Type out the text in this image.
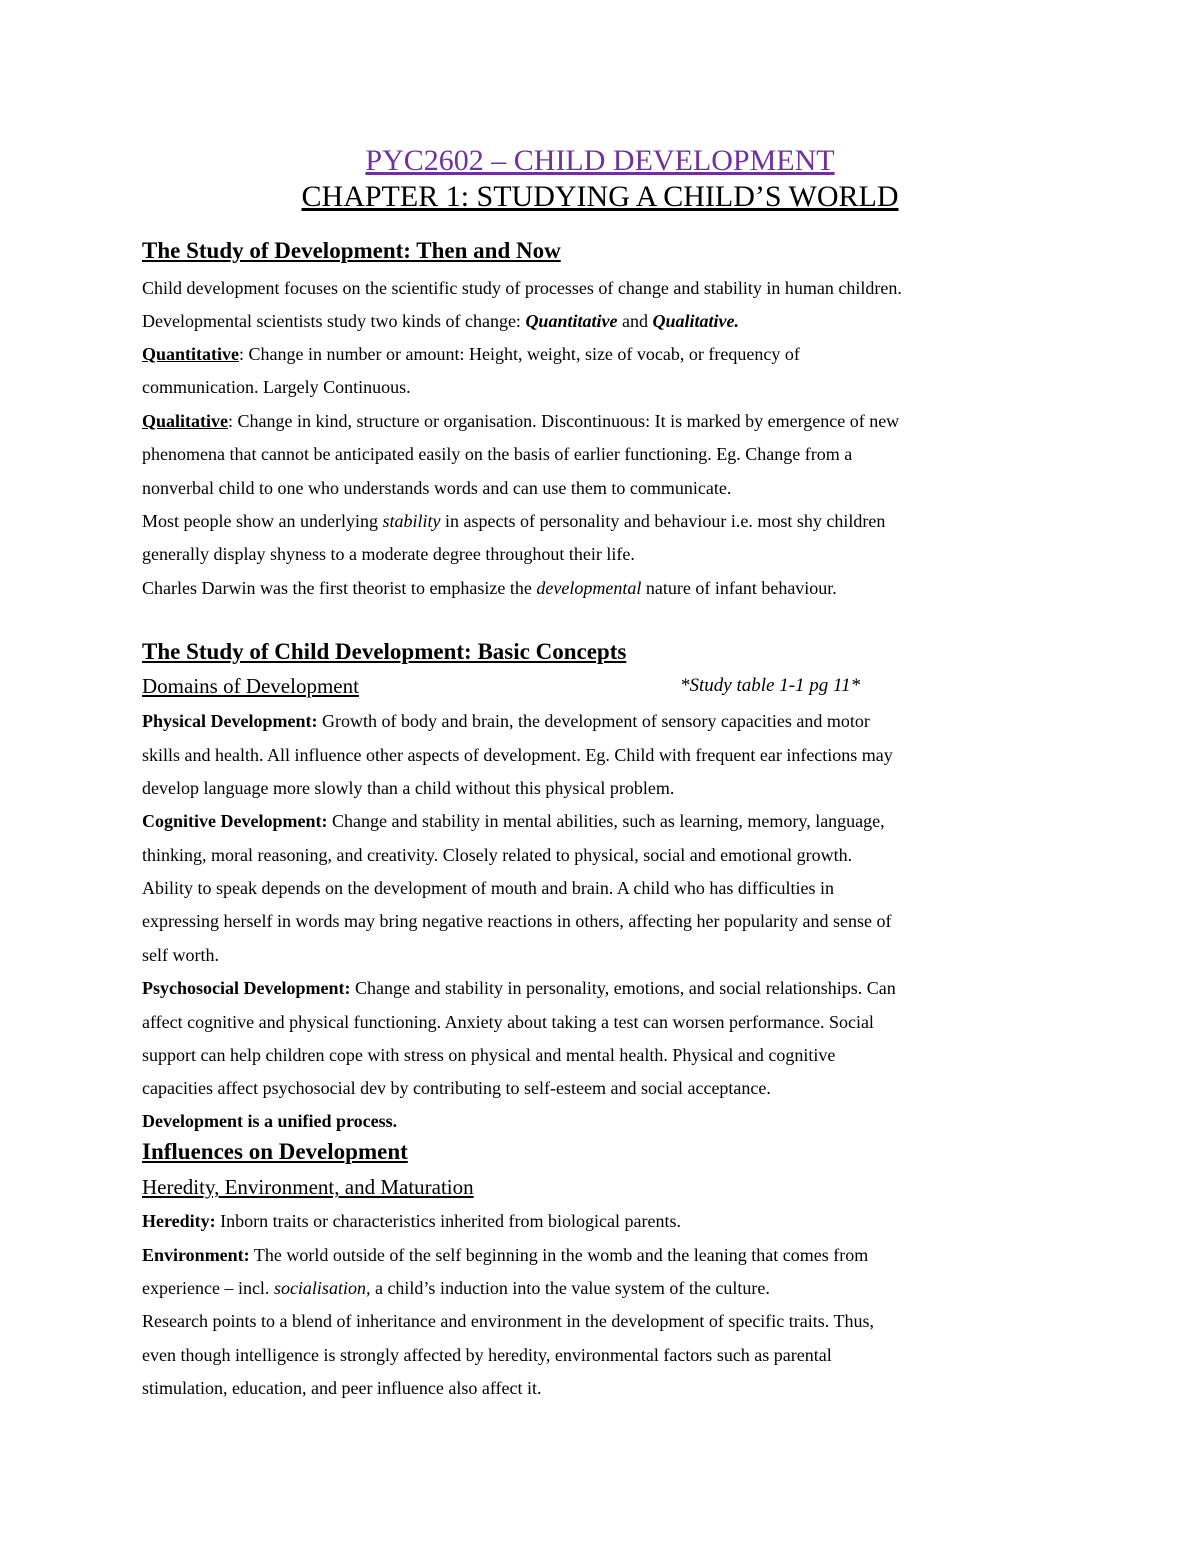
PYC2602 – CHILD DEVELOPMENT
CHAPTER 1: STUDYING A CHILD’S WORLD
The Study of Development: Then and Now
Child development focuses on the scientific study of processes of change and stability in human children.
Developmental scientists study two kinds of change: Quantitative and Qualitative.
Quantitative: Change in number or amount: Height, weight, size of vocab, or frequency of
communication. Largely Continuous.
Qualitative: Change in kind, structure or organisation. Discontinuous: It is marked by emergence of new
phenomena that cannot be anticipated easily on the basis of earlier functioning. Eg. Change from a
nonverbal child to one who understands words and can use them to communicate.
Most people show an underlying stability in aspects of personality and behaviour i.e. most shy children
generally display shyness to a moderate degree throughout their life.
Charles Darwin was the first theorist to emphasize the developmental nature of infant behaviour.
The Study of Child Development: Basic Concepts
Domains of Development	*Study table 1-1 pg 11*
Physical Development: Growth of body and brain, the development of sensory capacities and motor
skills and health. All influence other aspects of development. Eg. Child with frequent ear infections may
develop language more slowly than a child without this physical problem.
Cognitive Development: Change and stability in mental abilities, such as learning, memory, language,
thinking, moral reasoning, and creativity. Closely related to physical, social and emotional growth.
Ability to speak depends on the development of mouth and brain. A child who has difficulties in
expressing herself in words may bring negative reactions in others, affecting her popularity and sense of
self worth.
Psychosocial Development: Change and stability in personality, emotions, and social relationships. Can
affect cognitive and physical functioning. Anxiety about taking a test can worsen performance. Social
support can help children cope with stress on physical and mental health. Physical and cognitive
capacities affect psychosocial dev by contributing to self-esteem and social acceptance.
Development is a unified process.
Influences on Development
Heredity, Environment, and Maturation
Heredity: Inborn traits or characteristics inherited from biological parents.
Environment: The world outside of the self beginning in the womb and the leaning that comes from
experience – incl. socialisation, a child’s induction into the value system of the culture.
Research points to a blend of inheritance and environment in the development of specific traits. Thus,
even though intelligence is strongly affected by heredity, environmental factors such as parental
stimulation, education, and peer influence also affect it.
